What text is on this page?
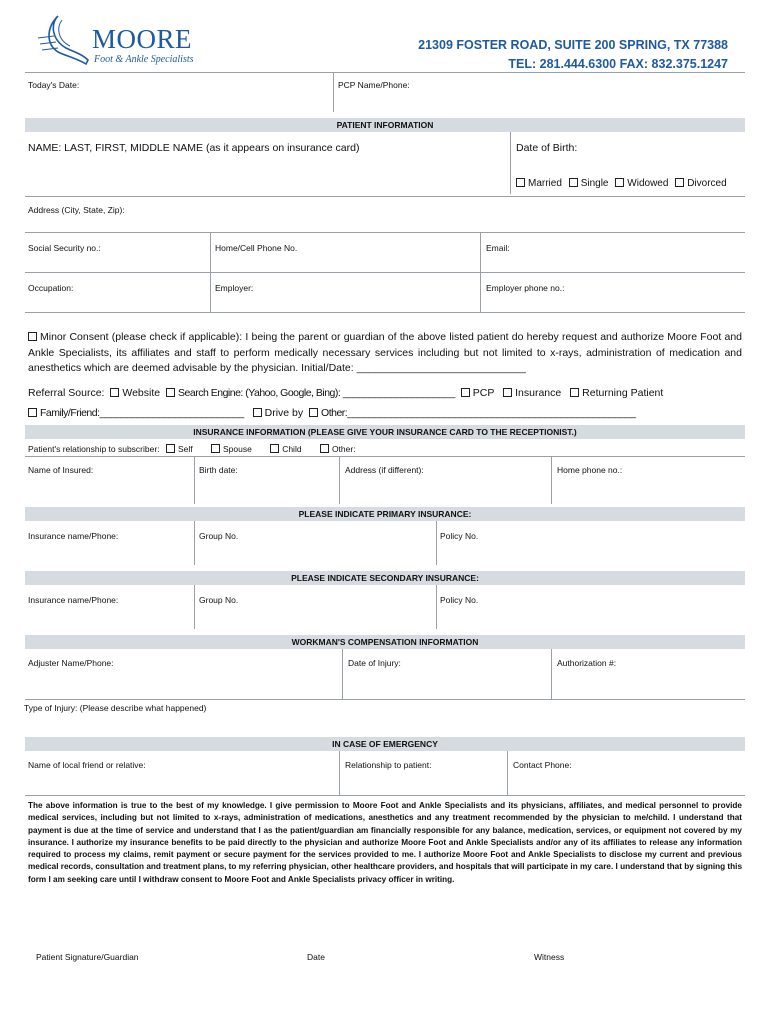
MOORE
Foot & Ankle Specialists
21309 FOSTER ROAD, SUITE 200 SPRING, TX 77388
TEL: 281.444.6300 FAX: 832.375.1247
Today's Date:	PCP Name/Phone:
PATIENT INFORMATION
NAME: LAST, FIRST, MIDDLE NAME (as it appears on insurance card)	Date of Birth:
Married Single Widowed Divorced
Address (City, State, Zip):
Social Security no.:	Home/Cell Phone No.	Email:
Occupation:	Employer:	Employer phone no.:
Minor Consent (please check if applicable): I being the parent or guardian of the above listed patient do hereby request and authorize Moore Foot and Ankle Specialists, its affiliates and staff to perform medically necessary services including but not limited to x-rays, administration of medication and anesthetics which are deemed advisable by the physician. Initial/Date: _____________________________
Referral Source: Website Search Engine: (Yahoo, Google, Bing): _____________________ PCP Insurance Returning Patient
Family/Friend:___________________________ Drive by Other:______________________________________________________
INSURANCE INFORMATION (PLEASE GIVE YOUR INSURANCE CARD TO THE RECEPTIONIST.)
Patient's relationship to subscriber: Self	Spouse	Child	Other:
Name of Insured:	Birth date:	Address (if different):	Home phone no.:
PLEASE INDICATE PRIMARY INSURANCE:
Insurance name/Phone:	Group No.	Policy No.
PLEASE INDICATE SECONDARY INSURANCE:
Insurance name/Phone:	Group No.	Policy No.
WORKMAN'S COMPENSATION INFORMATION
Adjuster Name/Phone:	Date of Injury:	Authorization #:
Type of Injury: (Please describe what happened)
IN CASE OF EMERGENCY
Name of local friend or relative:	Relationship to patient:	Contact Phone:
The above information is true to the best of my knowledge. I give permission to Moore Foot and Ankle Specialists and its physicians, affiliates, and medical personnel to provide medical services, including but not limited to x-rays, administration of medications, anesthetics and any treatment recommended by the physician to me/child. I understand that payment is due at the time of service and understand that I as the patient/guardian am financially responsible for any balance, medication, services, or equipment not covered by my insurance. I authorize my insurance benefits to be paid directly to the physician and authorize Moore Foot and Ankle Specialists and/or any of its affiliates to release any information required to process my claims, remit payment or secure payment for the services provided to me. I authorize Moore Foot and Ankle Specialists to disclose my current and previous medical records, consultation and treatment plans, to my referring physician, other healthcare providers, and hospitals that will participate in my care. I understand that by signing this form I am seeking care until I withdraw consent to Moore Foot and Ankle Specialists privacy officer in writing.
Patient Signature/Guardian	Date	Witness
